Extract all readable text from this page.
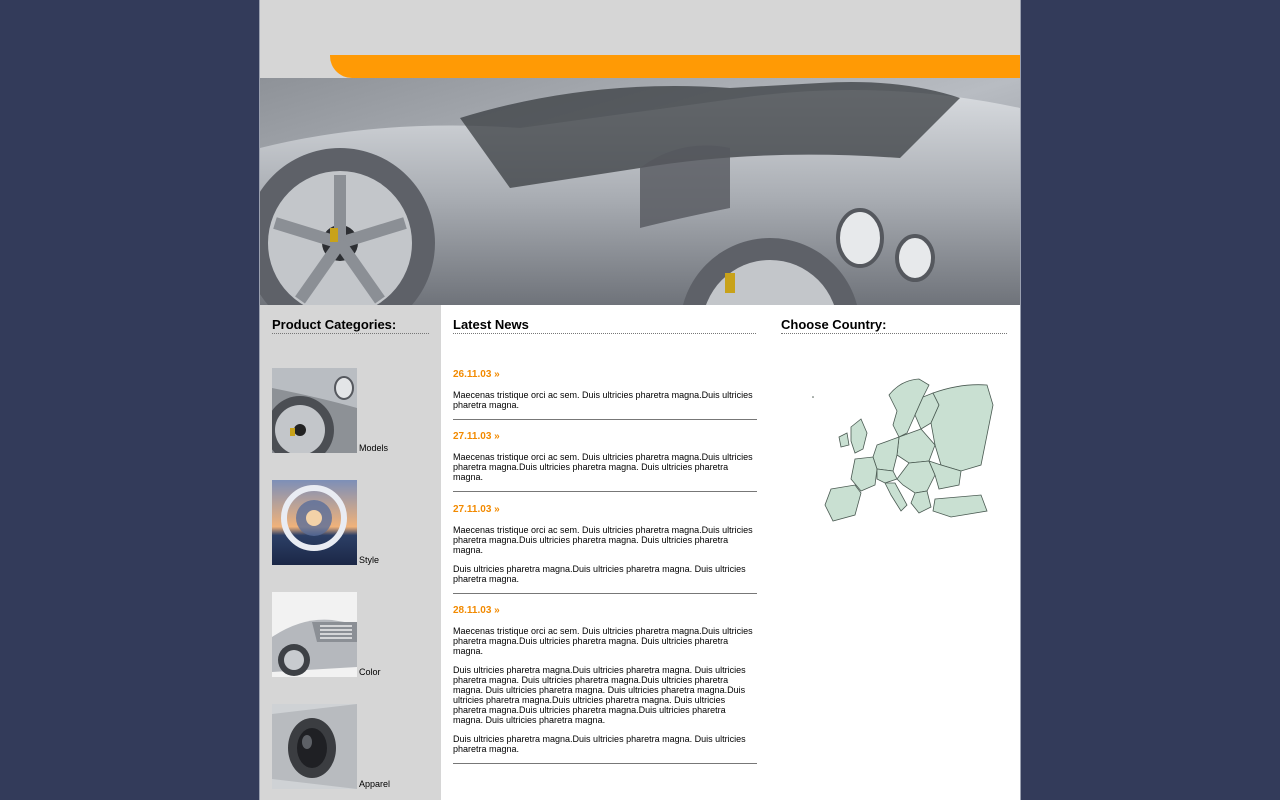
Product Categories:
Models
Style
Color
Apparel
Latest News
26.11.03 »

Maecenas tristique orci ac sem. Duis ultricies pharetra magna.Duis ultricies pharetra magna.

27.11.03 »

Maecenas tristique orci ac sem. Duis ultricies pharetra magna.Duis ultricies pharetra magna.Duis ultricies pharetra magna. Duis ultricies pharetra magna.

27.11.03 »

Maecenas tristique orci ac sem. Duis ultricies pharetra magna.Duis ultricies pharetra magna.Duis ultricies pharetra magna. Duis ultricies pharetra magna.

Duis ultricies pharetra magna.Duis ultricies pharetra magna. Duis ultricies pharetra magna.

28.11.03 »

Maecenas tristique orci ac sem. Duis ultricies pharetra magna.Duis ultricies pharetra magna.Duis ultricies pharetra magna. Duis ultricies pharetra magna.

Duis ultricies pharetra magna.Duis ultricies pharetra magna. Duis ultricies pharetra magna. Duis ultricies pharetra magna.Duis ultricies pharetra magna. Duis ultricies pharetra magna. Duis ultricies pharetra magna.Duis ultricies pharetra magna.Duis ultricies pharetra magna. Duis ultricies pharetra magna.Duis ultricies pharetra magna.Duis ultricies pharetra magna. Duis ultricies pharetra magna.

Duis ultricies pharetra magna.Duis ultricies pharetra magna. Duis ultricies pharetra magna.

Choose Country:
